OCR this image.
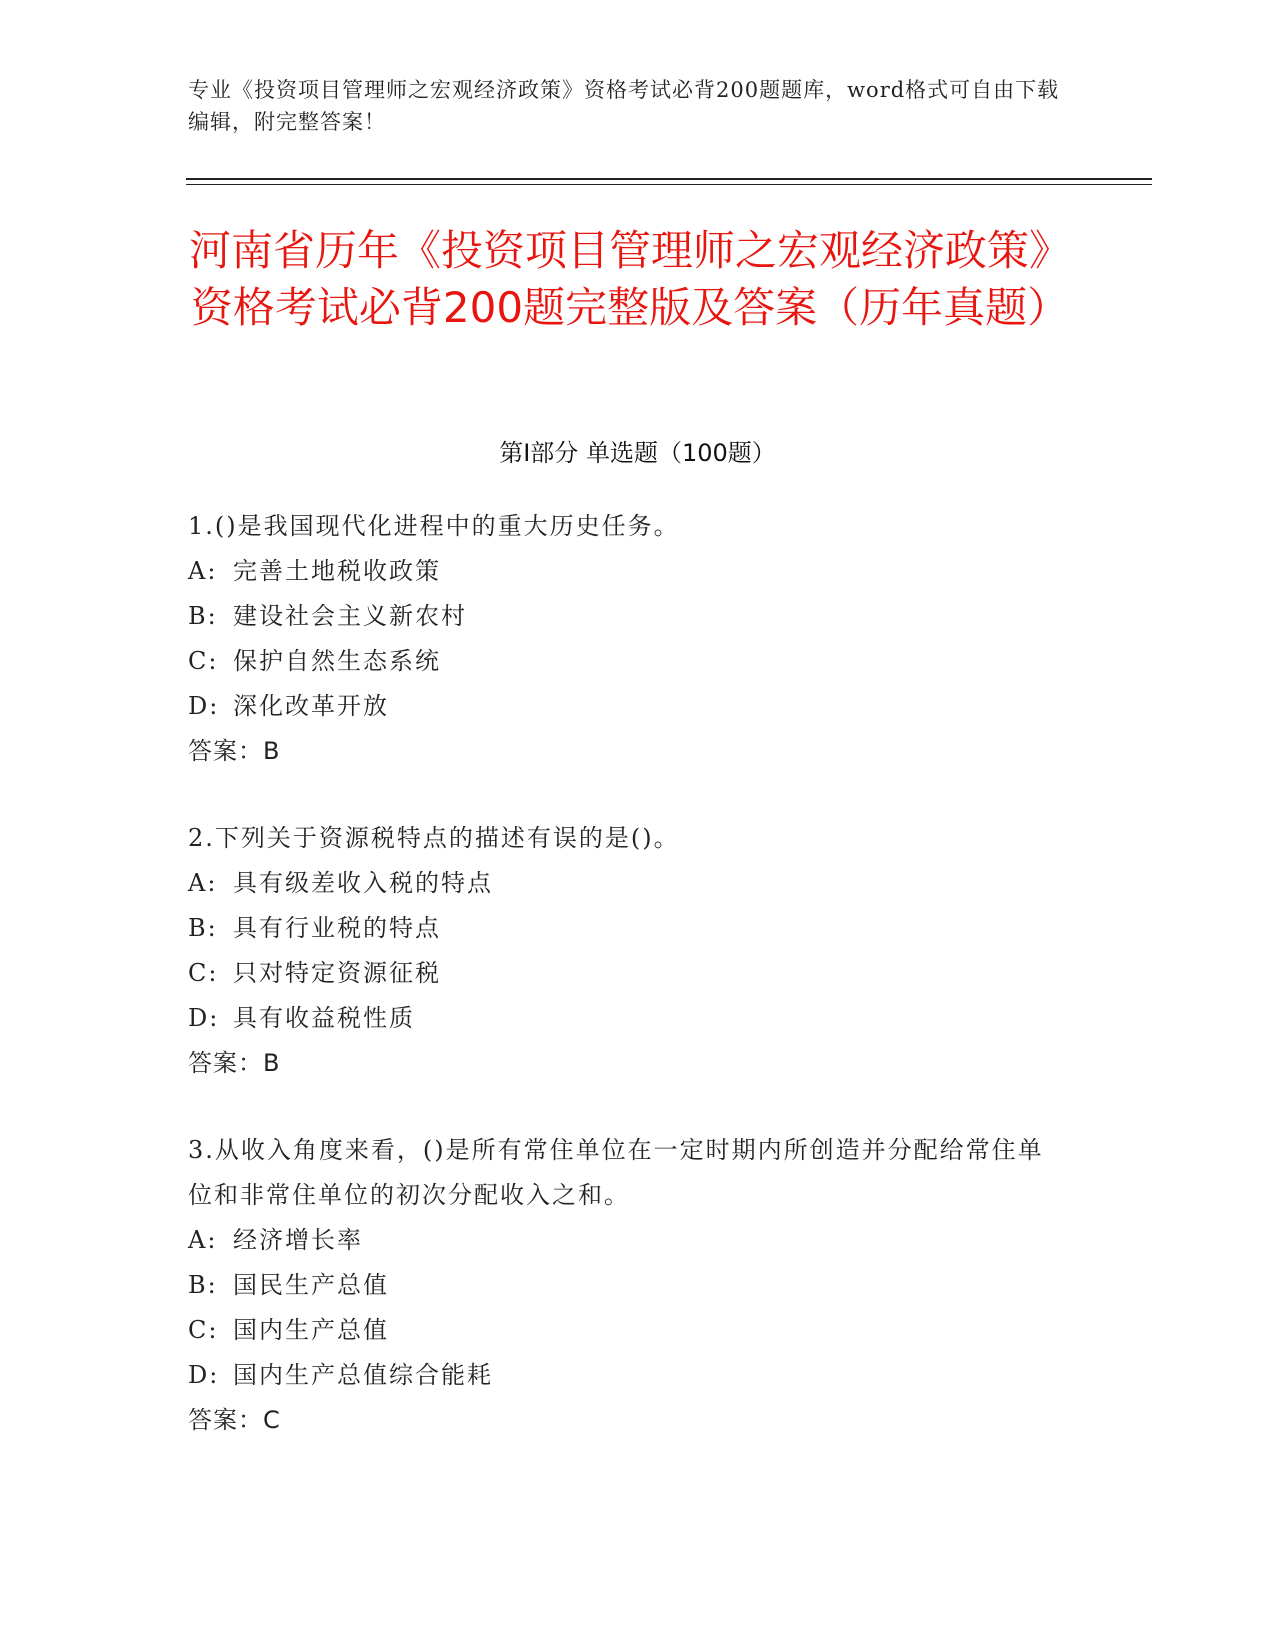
专业《投资项目管理师之宏观经济政策》资格考试必背200题题库，word格式可自由下载编辑，附完整答案！
河南省历年《投资项目管理师之宏观经济政策》资格考试必背200题完整版及答案（历年真题）
第I部分 单选题（100题）

1.()是我国现代化进程中的重大历史任务。

A: 完善土地税收政策

B: 建设社会主义新农村

C: 保护自然生态系统

D: 深化改革开放

答案：B

2.下列关于资源税特点的描述有误的是()。

A: 具有级差收入税的特点

B: 具有行业税的特点

C: 只对特定资源征税

D: 具有收益税性质

答案：B

3.从收入角度来看，()是所有常住单位在一定时期内所创造并分配给常住单位和非常住单位的初次分配收入之和。

A: 经济增长率

B: 国民生产总值

C: 国内生产总值

D: 国内生产总值综合能耗

答案：C
